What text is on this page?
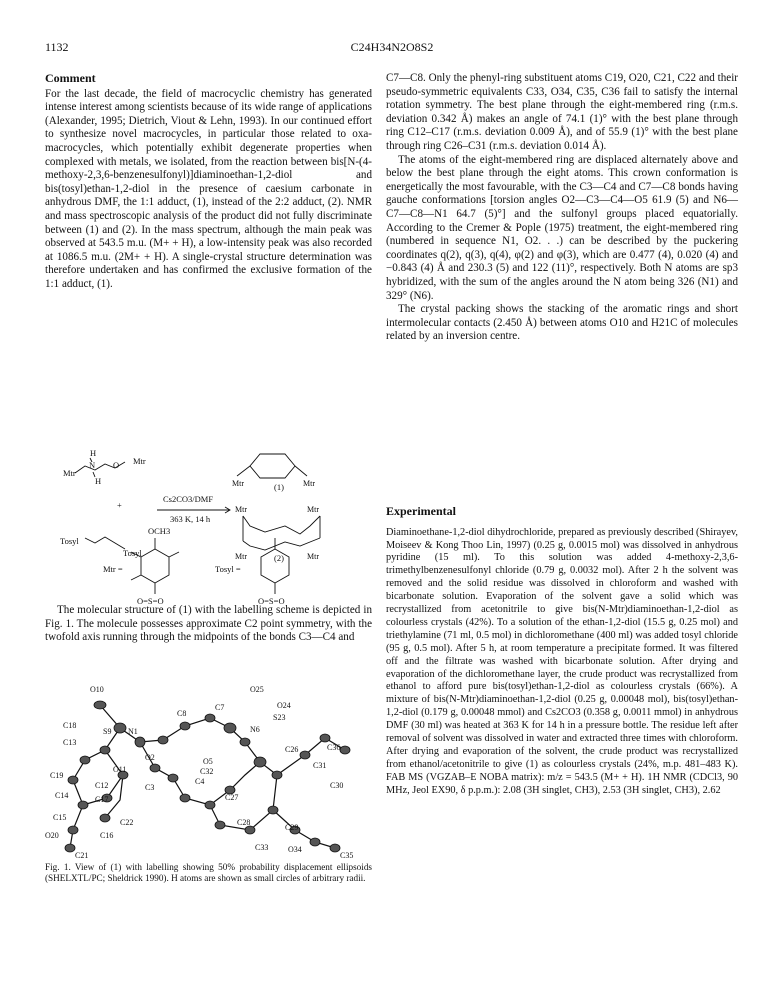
1132	C24H34N2O8S2
Comment

For the last decade, the field of macrocyclic chemistry has generated intense interest among scientists because of its wide range of applications (Alexander, 1995; Dietrich, Viout & Lehn, 1993). In our continued effort to synthesize novel macrocycles, in particular those related to oxa-macrocycles, which potentially exhibit degenerate properties when complexed with metals, we isolated, from the reaction between bis[N-(4-methoxy-2,3,6-benzenesulfonyl)]diaminoethan-1,2-diol and bis(tosyl)ethan-1,2-diol in the presence of caesium carbonate in anhydrous DMF, the 1:1 adduct, (1), instead of the 2:2 adduct, (2). NMR and mass spectroscopic analysis of the product did not fully discriminate between (1) and (2). In the mass spectrum, although the main peak was observed at 543.5 m.u. (M+ + H), a low-intensity peak was also recorded at 1086.5 m.u. (2M+ + H). A single-crystal structure determination was therefore undertaken and has confirmed the exclusive formation of the 1:1 adduct, (1).

H
Mtr
N O Mtr
H
+
Tosyl
Tosyl
Cs2CO3/DMF
363 K, 14 h
(1)
(2)
Mtr	Mtr
Mtr	Mtr
Mtr	Mtr
OCH3
Mtr =	Tosyl =
O=S=O	O=S=O

The molecular structure of (1) with the labelling scheme is depicted in Fig. 1. The molecule possesses approximate C2 point symmetry, with the twofold axis running through the midpoints of the bonds C3—C4 and

O10
C8
C7
O25
C18
S9 N1	N6
O24
S23
C13
O2
C26	C36
O11
O5
C32
C4
C31
C19
C12	C3
C27
C30
C14	C17
C28
C15
C22
C29
O20	C16
C33 O34
C35
C21
Fig. 1. View of (1) with labelling showing 50% probability displacement ellipsoids (SHELXTL/PC; Sheldrick 1990). H atoms are shown as small circles of arbitrary radii.

C7—C8. Only the phenyl-ring substituent atoms C19, O20, C21, C22 and their pseudo-symmetric equivalents C33, O34, C35, C36 fail to satisfy the internal rotation symmetry. The best plane through the eight-membered ring (r.m.s. deviation 0.342 Å) makes an angle of 74.1 (1)° with the best plane through ring C12–C17 (r.m.s. deviation 0.009 Å), and of 55.9 (1)° with the best plane through ring C26–C31 (r.m.s. deviation 0.014 Å).

The atoms of the eight-membered ring are displaced alternately above and below the best plane through the eight atoms. This crown conformation is energetically the most favourable, with the C3—C4 and C7—C8 bonds having gauche conformations [torsion angles O2—C3—C4—O5 61.9 (5) and N6—C7—C8—N1 64.7 (5)°] and the sulfonyl groups placed equatorially. According to the Cremer & Pople (1975) treatment, the eight-membered ring (numbered in sequence N1, O2. . .) can be described by the puckering coordinates q(2), q(3), q(4), φ(2) and φ(3), which are 0.477 (4), 0.020 (4) and −0.843 (4) Å and 230.3 (5) and 122 (11)°, respectively. Both N atoms are sp3 hybridized, with the sum of the angles around the N atom being 326 (N1) and 329° (N6).

The crystal packing shows the stacking of the aromatic rings and short intermolecular contacts (2.450 Å) between atoms O10 and H21C of molecules related by an inversion centre.

Experimental

Diaminoethane-1,2-diol dihydrochloride, prepared as previously described (Shirayev, Moiseev & Kong Thoo Lin, 1997) (0.25 g, 0.0015 mol) was dissolved in anhydrous pyridine (15 ml). To this solution was added 4-methoxy-2,3,6-trimethylbenzenesulfonyl chloride (0.79 g, 0.0032 mol). After 2 h the solvent was removed and the solid residue was dissolved in chloroform and washed with bicarbonate solution. Evaporation of the solvent gave a solid which was recrystallized from acetonitrile to give bis(N-Mtr)diaminoethan-1,2-diol as colourless crystals (42%). To a solution of the ethan-1,2-diol (15.5 g, 0.25 mol) and triethylamine (71 ml, 0.5 mol) in dichloromethane (400 ml) was added tosyl chloride (95 g, 0.5 mol). After 5 h, at room temperature a precipitate formed. It was filtered off and the filtrate was washed with bicarbonate solution. After drying and evaporation of the dichloromethane layer, the crude product was recrystallized from ethanol to afford pure bis(tosyl)ethan-1,2-diol as colourless crystals (66%). A mixture of bis(N-Mtr)diaminoethan-1,2-diol (0.25 g, 0.00048 mol), bis(tosyl)ethan-1,2-diol (0.179 g, 0.00048 mmol) and Cs2CO3 (0.358 g, 0.0011 mmol) in anhydrous DMF (30 ml) was heated at 363 K for 14 h in a pressure bottle. The residue left after removal of solvent was dissolved in water and extracted three times with chloroform. After drying and evaporation of the solvent, the crude product was recrystallized from ethanol/acetonitrile to give (1) as colourless crystals (24%, m.p. 481–483 K). FAB MS (VGZAB–E NOBA matrix): m/z = 543.5 (M+ + H). 1H NMR (CDCl3, 90 MHz, Jeol EX90, δ p.p.m.): 2.08 (3H singlet, CH3), 2.53 (3H singlet, CH3), 2.62
